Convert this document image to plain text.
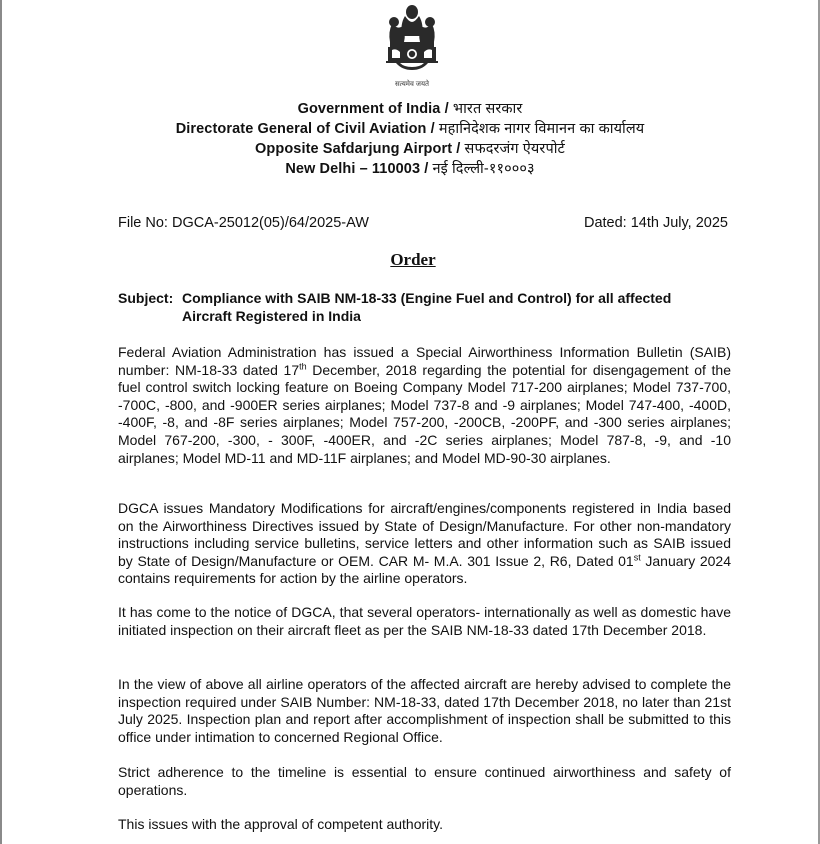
सत्यमेव जयते
Government of India / भारत सरकार
Directorate General of Civil Aviation / महानिदेशक नागर विमानन का कार्यालय
Opposite Safdarjung Airport / सफदरजंग ऐयरपोर्ट
New Delhi – 110003 / नई दिल्ली-११०००३
File No: DGCA-25012(05)/64/2025-AW	Dated: 14th July, 2025
Order
Subject: Compliance with SAIB NM-18-33 (Engine Fuel and Control) for all affected
Aircraft Registered in India
Federal Aviation Administration has issued a Special Airworthiness Information Bulletin (SAIB) number: NM-18-33 dated 17th December, 2018 regarding the potential for disengagement of the fuel control switch locking feature on Boeing Company Model 717-200 airplanes; Model 737-700, -700C, -800, and -900ER series airplanes; Model 737-8 and -9 airplanes; Model 747-400, -400D, -400F, -8, and -8F series airplanes; Model 757-200, -200CB, -200PF, and -300 series airplanes; Model 767-200, -300, - 300F, -400ER, and -2C series airplanes; Model 787-8, -9, and -10 airplanes; Model MD-11 and MD-11F airplanes; and Model MD-90-30 airplanes.
DGCA issues Mandatory Modifications for aircraft/engines/components registered in India based on the Airworthiness Directives issued by State of Design/Manufacture. For other non-mandatory instructions including service bulletins, service letters and other information such as SAIB issued by State of Design/Manufacture or OEM. CAR M- M.A. 301 Issue 2, R6, Dated 01st January 2024 contains requirements for action by the airline operators.
It has come to the notice of DGCA, that several operators- internationally as well as domestic have initiated inspection on their aircraft fleet as per the SAIB NM-18-33 dated 17th December 2018.
In the view of above all airline operators of the affected aircraft are hereby advised to complete the inspection required under SAIB Number: NM-18-33, dated 17th December 2018, no later than 21st July 2025. Inspection plan and report after accomplishment of inspection shall be submitted to this office under intimation to concerned Regional Office.
Strict adherence to the timeline is essential to ensure continued airworthiness and safety of operations.
This issues with the approval of competent authority.
